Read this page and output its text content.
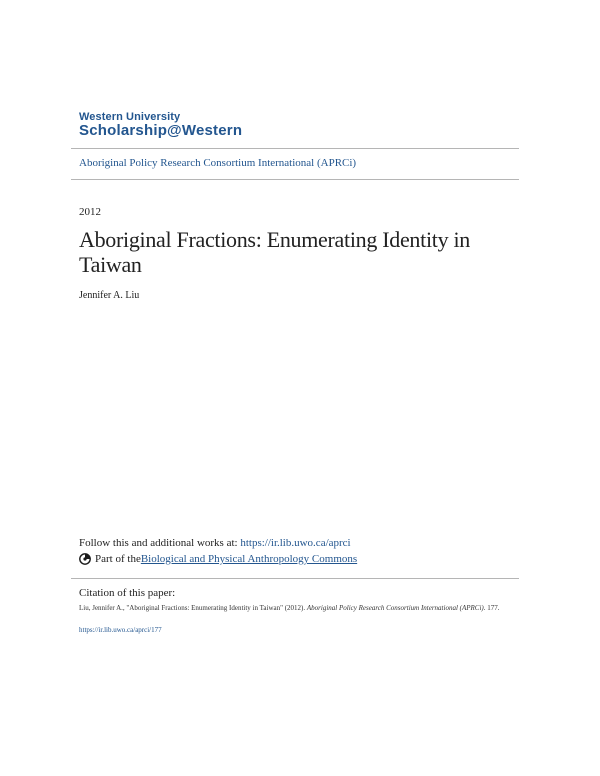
Western University
Scholarship@Western
Aboriginal Policy Research Consortium International (APRCi)
2012
Aboriginal Fractions: Enumerating Identity in Taiwan
Jennifer A. Liu
Follow this and additional works at: https://ir.lib.uwo.ca/aprci
Part of the Biological and Physical Anthropology Commons
Citation of this paper:
Liu, Jennifer A., "Aboriginal Fractions: Enumerating Identity in Taiwan" (2012). Aboriginal Policy Research Consortium International (APRCi). 177.
https://ir.lib.uwo.ca/aprci/177
